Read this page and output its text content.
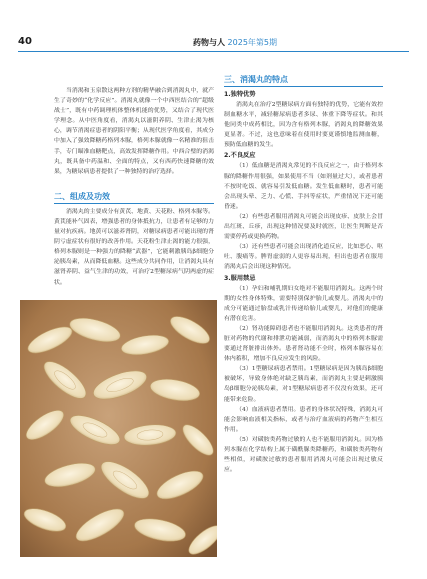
40	药物与人 2025年第5期

当消渴和玉泉散这两种方剂的精华融合到消渴丸中，就产生了奇妙的“化学反应”。消渴丸就像一个中西医结合的“超级战士”，既有中药调理机体整体机能的优势，又结合了现代医学理念。从中医角度看，消渴丸以滋阴养阴、生津止渴为核心，调节消渴症患者的阴阳平衡；从现代医学角度看，其成分中加入了强效降糖药格列本脲，格列本脲就像一名精准的狙击手，专门瞄准血糖靶点，高效发挥降糖作用。中西合璧的消渴丸，既具备中药温和、全面的特点，又有西药快速降糖的效果，为糖尿病患者提供了一种独特的治疗选择。

二、组成及功效

消渴丸的主要成分有黄芪、地黄、天花粉、格列本脲等。黄芪能补气固表，增强患者的身体抵抗力，让患者有足够的力量对抗疾病。地黄可以滋养肾阴，对糖尿病患者可能出现的肾阴亏虚症状有很好的改善作用。天花粉生津止渴的能力很强，格列本脲则是一种强力的降糖“武器”，它能刺激胰岛β细胞分泌胰岛素，从而降低血糖。这些成分共同作用，让消渴丸具有滋肾养阴、益气生津的功效，可治疗2型糖尿病气阴两虚的症状。

三、消渴丸的特点
1.独特优势

消渴丸在治疗2型糖尿病方面有独特的优势，它能有效控制血糖水平，减轻糖尿病患者多尿、体重下降等症状。和其他同类中成药相比，因为含有格列本脲，消渴丸的降糖效果更显著。不过，这也意味着在使用时要更谨慎地监测血糖，预防低血糖的发生。

2.不良反应

（1）低血糖是消渴丸常见的不良反应之一，由于格列本脲的降糖作用很强，如果使用不当（如剂量过大），或者患者不按时吃饭、就容易引发低血糖。发生低血糖时，患者可能会出现头晕、乏力、心慌、手抖等症状，严重情况下还可能昏迷。

（2）有些患者服用消渴丸可能会出现皮疹、皮肤上会冒出红斑、丘疹，出现这种情况要及时就医，让医生判断是否需要停药或更换药物。

（3）还有些患者可能会出现消化道反应，比如恶心、呕吐、腹痛等。脾胃虚弱的人更容易出现，但出也患者在服用消渴丸后会出现这种情况。

3.服用禁忌

（1）孕妇和哺乳期妇女绝对不能服用消渴丸。这两个时期的女性身体特殊，需要特别保护胎儿或婴儿。消渴丸中的成分可能通过胎盘或乳汁传递给胎儿或婴儿，对他们的健康有潜在危害。

（2）肾功能障碍患者也不能服用消渴丸。这类患者的肾脏对药物的代谢和排泄功能减弱，而消渴丸中的格列本脲需要通过肾脏排出体外。患者肾功能不全时，格列本脲容易在体内蓄积，增加不良反应发生的风险。

（3）1型糖尿病患者禁用。1型糖尿病是因为胰岛β细胞被破坏，导致身体绝对缺乏胰岛素，而消渴丸主要是刺激胰岛β细胞分泌胰岛素，对1型糖尿病患者不仅没有效果，还可能带来危险。

（4）血液病患者禁用。患者的身体状况特殊，消渴丸可能会影响血液相关指标，或者与治疗血液病的药物产生相互作用。

（5）对磺胺类药物过敏的人也不能服用消渴丸。因为格列本脲在化学结构上属于磺酰脲类降糖药，和磺胺类药物有些相似，对磺胺过敏的患者服用消渴丸可能会出现过敏反应。
